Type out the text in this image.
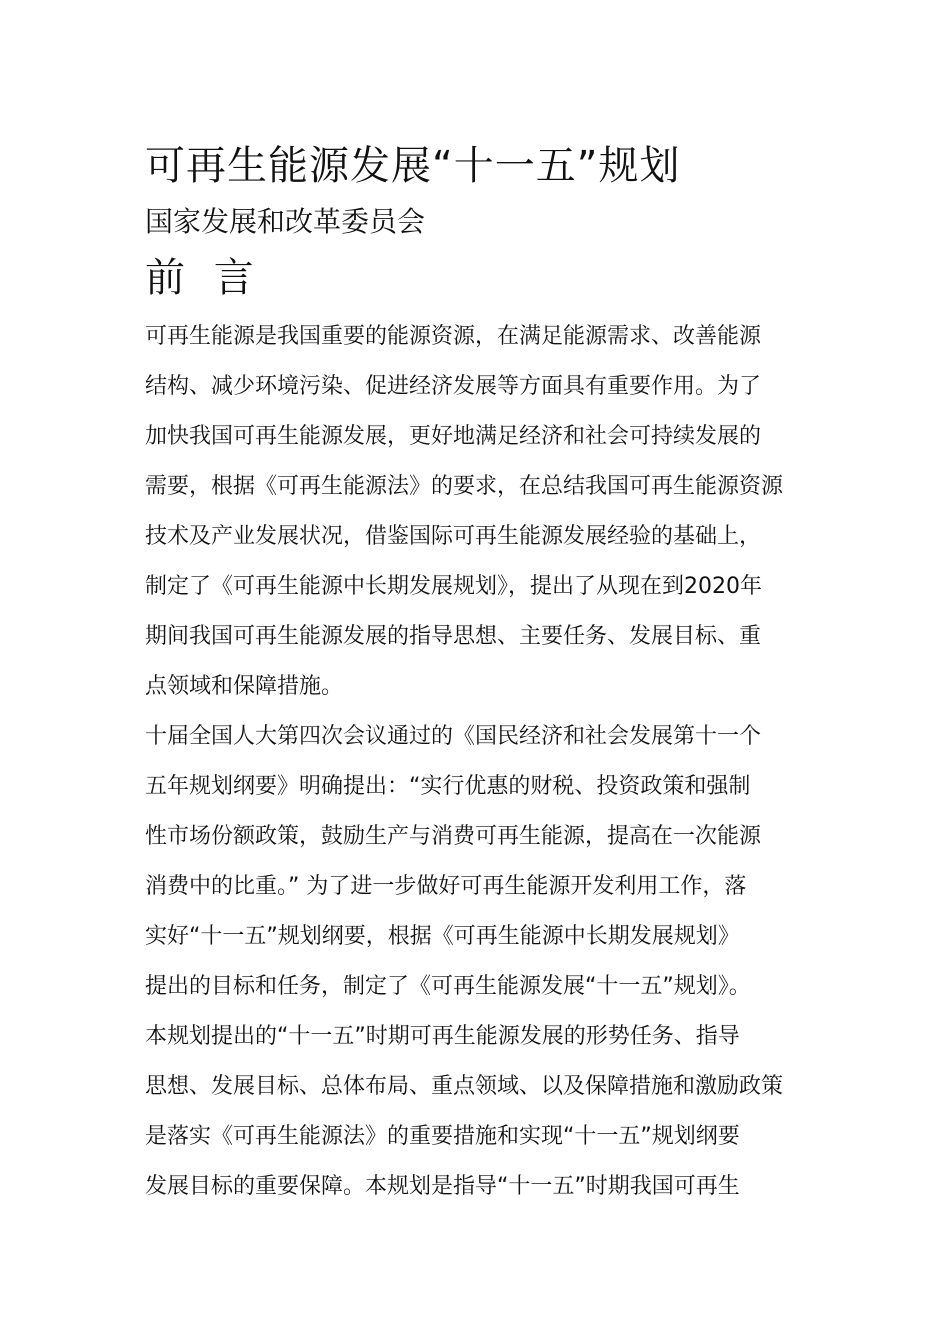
可再生能源发展“十一五”规划
国家发展和改革委员会
前 言
可再生能源是我国重要的能源资源，在满足能源需求、改善能源
结构、减少环境污染、促进经济发展等方面具有重要作用。为了
加快我国可再生能源发展，更好地满足经济和社会可持续发展的
需要，根据《可再生能源法》的要求，在总结我国可再生能源资源
技术及产业发展状况，借鉴国际可再生能源发展经验的基础上，
制定了《可再生能源中长期发展规划》，提出了从现在到2020年
期间我国可再生能源发展的指导思想、主要任务、发展目标、重
点领域和保障措施。
十届全国人大第四次会议通过的《国民经济和社会发展第十一个
五年规划纲要》明确提出：“实行优惠的财税、投资政策和强制
性市场份额政策，鼓励生产与消费可再生能源，提高在一次能源
消费中的比重。” 为了进一步做好可再生能源开发利用工作，落
实好“十一五”规划纲要，根据《可再生能源中长期发展规划》
提出的目标和任务，制定了《可再生能源发展“十一五”规划》。
本规划提出的“十一五”时期可再生能源发展的形势任务、指导
思想、发展目标、总体布局、重点领域、以及保障措施和激励政策
是落实《可再生能源法》的重要措施和实现“十一五”规划纲要
发展目标的重要保障。本规划是指导“十一五”时期我国可再生
